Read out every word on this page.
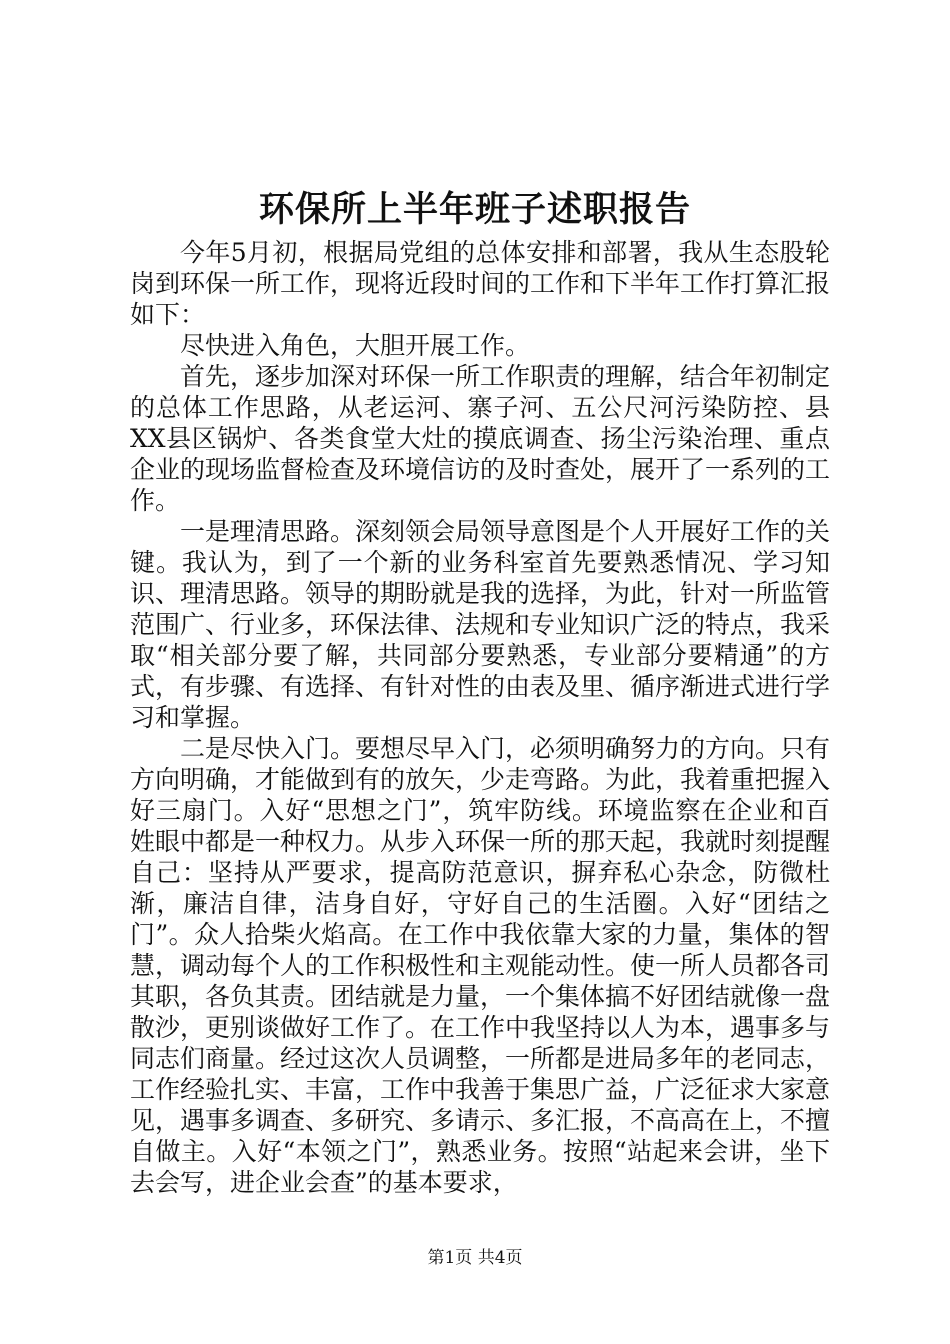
环保所上半年班子述职报告

今年5月初，根据局党组的总体安排和部署，我从生态股轮岗到环保一所工作，现将近段时间的工作和下半年工作打算汇报如下：

尽快进入角色，大胆开展工作。

首先，逐步加深对环保一所工作职责的理解，结合年初制定的总体工作思路，从老运河、寨子河、五公尺河污染防控、县XX县区锅炉、各类食堂大灶的摸底调查、扬尘污染治理、重点企业的现场监督检查及环境信访的及时查处，展开了一系列的工作。

一是理清思路。深刻领会局领导意图是个人开展好工作的关键。我认为，到了一个新的业务科室首先要熟悉情况、学习知识、理清思路。领导的期盼就是我的选择，为此，针对一所监管范围广、行业多，环保法律、法规和专业知识广泛的特点，我采取“相关部分要了解，共同部分要熟悉，专业部分要精通”的方式，有步骤、有选择、有针对性的由表及里、循序渐进式进行学习和掌握。

二是尽快入门。要想尽早入门，必须明确努力的方向。只有方向明确，才能做到有的放矢，少走弯路。为此，我着重把握入好三扇门。入好“思想之门”，筑牢防线。环境监察在企业和百姓眼中都是一种权力。从步入环保一所的那天起，我就时刻提醒自己：坚持从严要求，提高防范意识，摒弃私心杂念，防微杜渐，廉洁自律，洁身自好，守好自己的生活圈。入好“团结之门”。众人拾柴火焰高。在工作中我依靠大家的力量，集体的智慧，调动每个人的工作积极性和主观能动性。使一所人员都各司其职，各负其责。团结就是力量，一个集体搞不好团结就像一盘散沙，更别谈做好工作了。在工作中我坚持以人为本，遇事多与同志们商量。经过这次人员调整，一所都是进局多年的老同志，工作经验扎实、丰富，工作中我善于集思广益，广泛征求大家意见，遇事多调查、多研究、多请示、多汇报，不高高在上，不擅自做主。入好“本领之门”，熟悉业务。按照“站起来会讲，坐下去会写，进企业会查”的基本要求，

第1页 共4页
